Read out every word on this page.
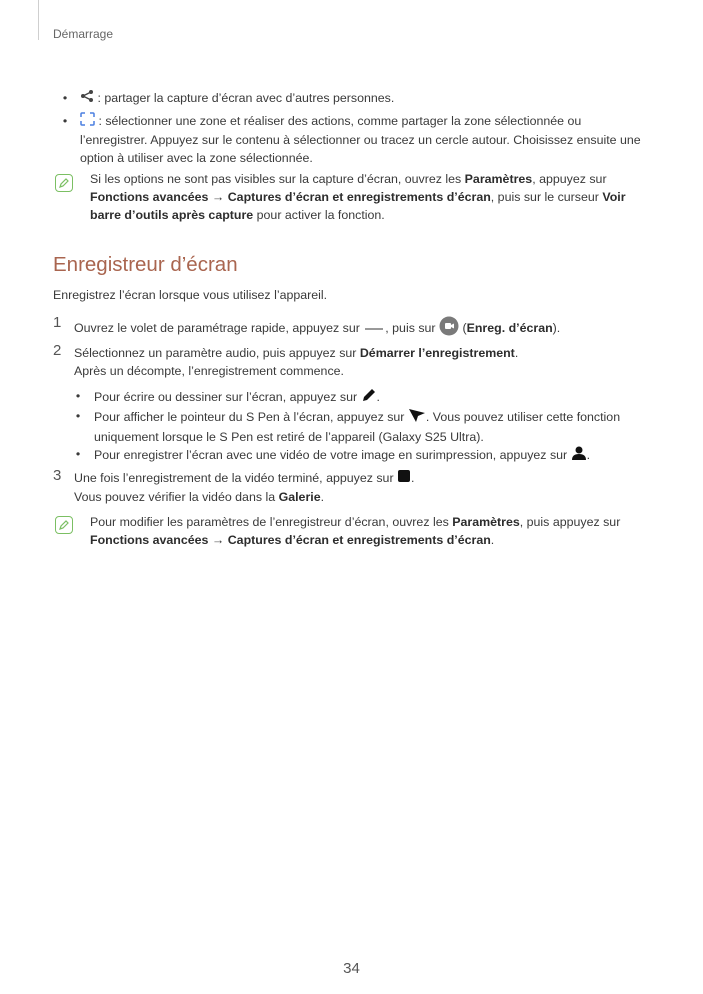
Démarrage
•	: partager la capture d’écran avec d’autres personnes.
•	: sélectionner une zone et réaliser des actions, comme partager la zone sélectionnée ou
l’enregistrer. Appuyez sur le contenu à sélectionner ou tracez un cercle autour. Choisissez ensuite une option à utiliser avec la zone sélectionnée.
Si les options ne sont pas visibles sur la capture d’écran, ouvrez les Paramètres, appuyez sur
Fonctions avancées → Captures d’écran et enregistrements d’écran, puis sur le curseur Voir barre d’outils après capture pour activer la fonction.
Enregistreur d’écran
Enregistrez l’écran lorsque vous utilisez l’appareil.
1 Ouvrez le volet de paramétrage rapide, appuyez sur , puis sur  (Enreg. d’écran).
2 Sélectionnez un paramètre audio, puis appuyez sur Démarrer l’enregistrement.
Après un décompte, l’enregistrement commence.
• Pour écrire ou dessiner sur l’écran, appuyez sur .
• Pour afficher le pointeur du S Pen à l’écran, appuyez sur . Vous pouvez utiliser cette fonction
uniquement lorsque le S Pen est retiré de l’appareil (Galaxy S25 Ultra).
• Pour enregistrer l’écran avec une vidéo de votre image en surimpression, appuyez sur .
3 Une fois l’enregistrement de la vidéo terminé, appuyez sur .
Vous pouvez vérifier la vidéo dans la Galerie.
Pour modifier les paramètres de l’enregistreur d’écran, ouvrez les Paramètres, puis appuyez sur
Fonctions avancées → Captures d’écran et enregistrements d’écran.
34
